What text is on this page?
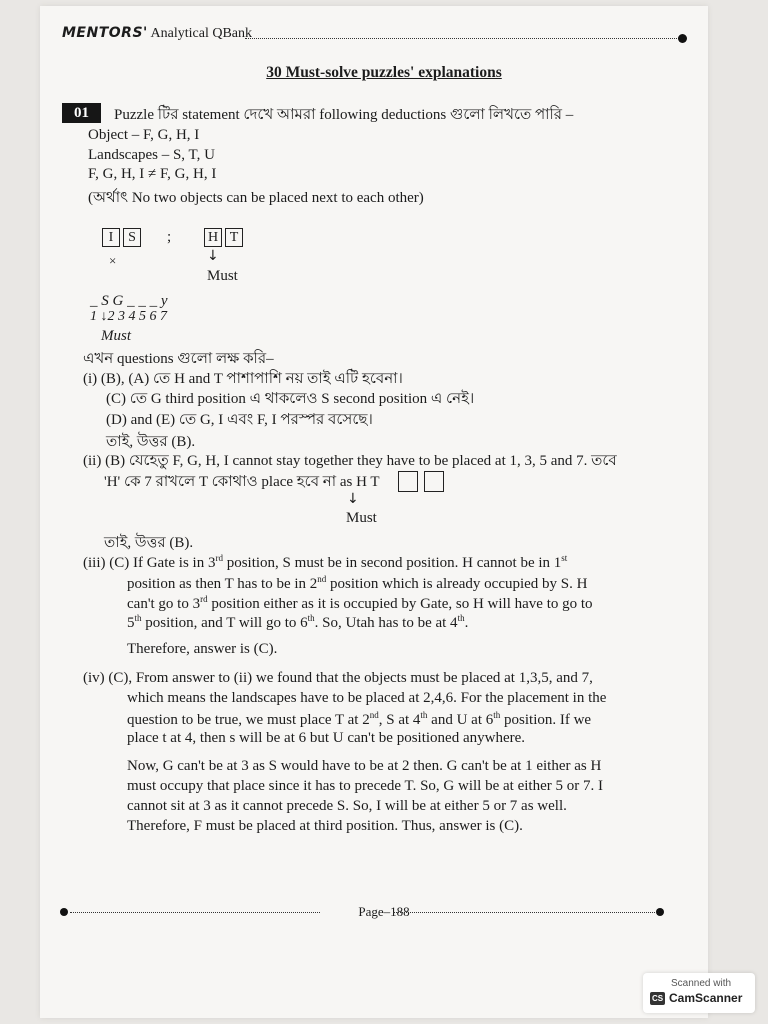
MENTORS' Analytical QBank
30 Must-solve puzzles' explanations
01	Puzzle টির statement দেখে আমরা following deductions গুলো লিখতে পারি –
Object – F, G, H, I
Landscapes – S, T, U
F, G, H, I ≠ F, G, H, I
(অর্থাৎ No two objects can be placed next to each other)
I S
×
;	H T
↓
Must
_ S G _ _ _ y
1 ↓2 3 4 5 6 7
Must
এখন questions গুলো লক্ষ করি–
(i) (B), (A) তে H and T পাশাপাশি নয় তাই এটি হবেনা।
(C) তে G third position এ থাকলেও S second position এ নেই।
(D) and (E) তে G, I এবং F, I পরস্পর বসেছে।
তাই, উত্তর (B).
(ii) (B) যেহেতু F, G, H, I cannot stay together they have to be placed at 1, 3, 5 and 7. তবে
'H' কে 7 রাখলে T কোথাও place হবে না as H T
↓
Must
তাই, উত্তর (B).
(iii) (C) If Gate is in 3rd position, S must be in second position. H cannot be in 1st
position as then T has to be in 2nd position which is already occupied by S. H
can't go to 3rd position either as it is occupied by Gate, so H will have to go to
5th position, and T will go to 6th. So, Utah has to be at 4th.
Therefore, answer is (C).
(iv) (C), From answer to (ii) we found that the objects must be placed at 1,3,5, and 7,
which means the landscapes have to be placed at 2,4,6. For the placement in the
question to be true, we must place T at 2nd, S at 4th and U at 6th position. If we
place t at 4, then s will be at 6 but U can't be positioned anywhere.
Now, G can't be at 3 as S would have to be at 2 then. G can't be at 1 either as H
must occupy that place since it has to precede T. So, G will be at either 5 or 7. I
cannot sit at 3 as it cannot precede S. So, I will be at either 5 or 7 as well.
Therefore, F must be placed at third position. Thus, answer is (C).
Page–188
Scanned with
CS CamScanner
